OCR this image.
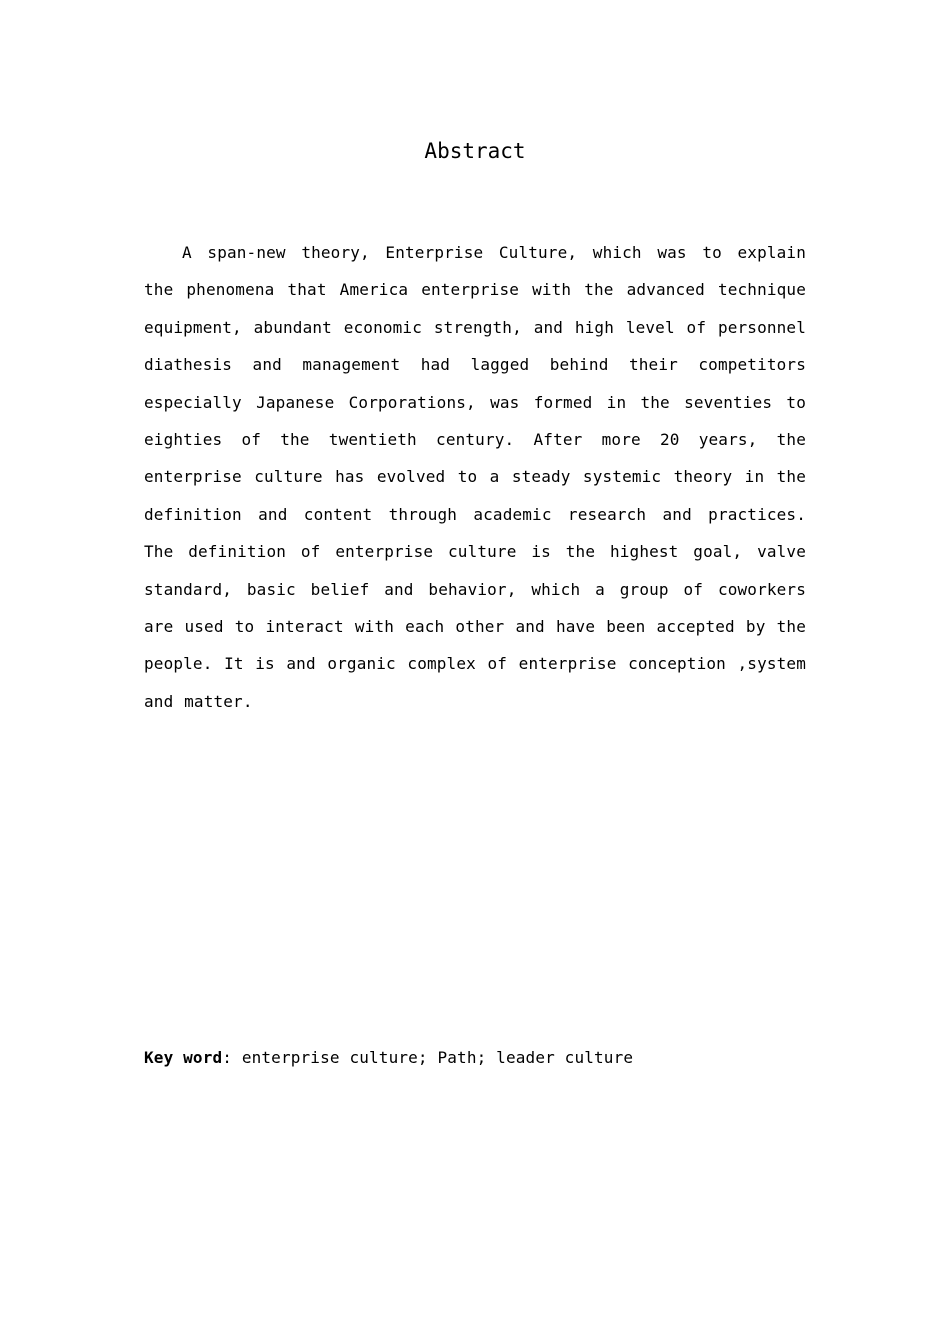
Abstract

A span-new theory, Enterprise Culture, which was to explain the phenomena that America enterprise with the advanced technique equipment, abundant economic strength, and high level of personnel diathesis and management had lagged behind their competitors especially Japanese Corporations, was formed in the seventies to eighties of the twentieth century. After more 20 years, the enterprise culture has evolved to a steady systemic theory in the definition and content through academic research and practices. The definition of enterprise culture is the highest goal, valve standard, basic belief and behavior, which a group of coworkers are used to interact with each other and have been accepted by the people. It is and organic complex of enterprise conception ,system and matter.

Key word: enterprise culture; Path; leader culture
